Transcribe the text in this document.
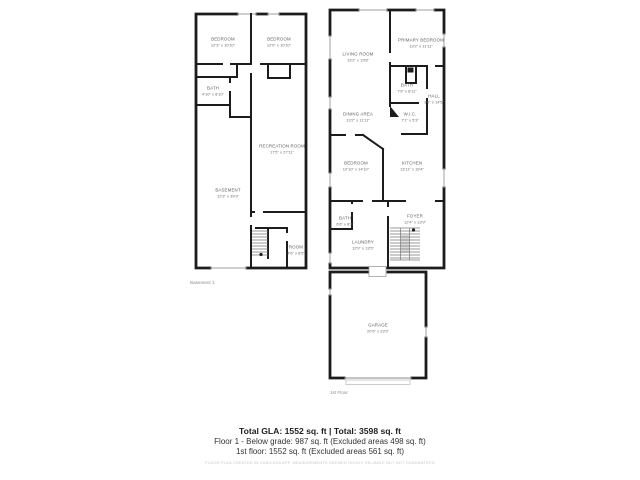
BEDROOM
12'3" x 10'10"
BEDROOM
12'0" x 10'10"
BATH
4'10" x 8'10"
RECREATION ROOM
17'5" x 27'11"
BASEMENT
12'3" x 39'3"
ROOM
4'6" x 8'5"
LIVING ROOM
13'2" x 19'8"
PRIMARY BEDROOM
13'2" x 11'11"
BATH
7'9" x 8'11"
HALL
3'6" x 14'5"
W.I.C.
7'1" x 5'3"
DINING AREA
13'2" x 11'11"
BEDROOM
10'10" x 14'10"
KITCHEN
13'11" x 19'4"
BATH
6'6" x 8'2"
LAUNDRY
12'9" x 13'5"
FOYER
12'4" x 13'9"
GARAGE
20'9" x 23'3"
Basement 1
1st Floor
Total GLA: 1552 sq. ft | Total: 3598 sq. ft
Floor 1 - Below grade: 987 sq. ft (Excluded areas 498 sq. ft)
1st floor: 1552 sq. ft (Excluded areas 561 sq. ft)
FLOOR PLAN CREATED IN CUBICASA APP. MEASUREMENTS DEEMED HIGHLY RELIABLE BUT NOT GUARANTEED
